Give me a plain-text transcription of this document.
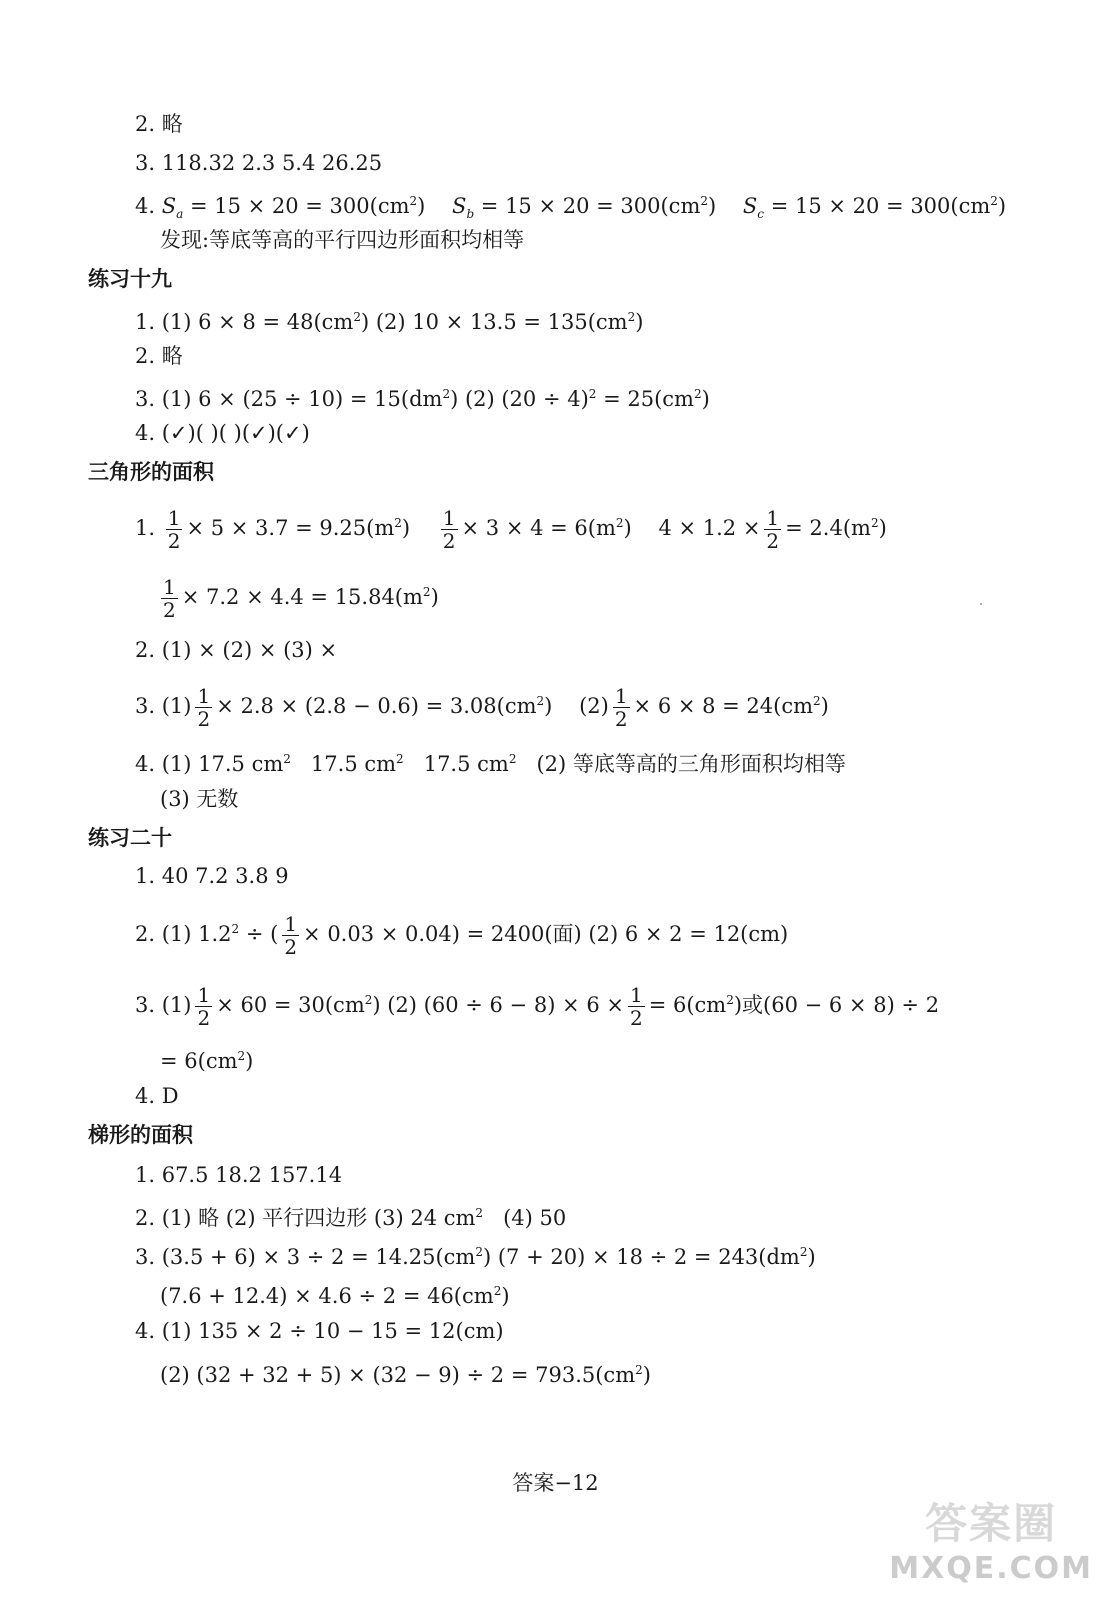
2. 略
3. 118.32 2.3 5.4 26.25
4. $S_a = 15 \times 20 = 300(cm^2) S_b = 15 \times 20 = 300(cm^2) S_c = 15 \times 20 = 300(cm^2)$
发现:等底等高的平行四边形面积均相等
练习十九
1. (1) $6 \times 8 = 48(cm^2)$ (2) $10 \times 13.5 = 135(cm^2)$
2. 略
3. (1) $6 \times (25 \div 10) = 15(dm^2)$ (2) $(20 \div 4)^2 = 25(cm^2)$
4. (✓)( )( )(✓)(✓)
三角形的面积
1. $\frac{1}{2} \times 5 \times 3.7 = 9.25(m^2) \frac{1}{2} \times 3 \times 4 = 6(m^2) 4 \times 1.2 \times \frac{1}{2} = 2.4(m^2)$
$\frac{1}{2} \times 7.2 \times 4.4 = 15.84(m^2)$
2. (1) × (2) × (3) ×
3. $(1) \frac{1}{2} \times 2.8 \times (2.8 - 0.6) = 3.08(cm^2)$ $(2) \frac{1}{2} \times 6 \times 8 = 24(cm^2)$
4. (1) 17.5 $cm^2$ 17.5 $cm^2$ 17.5 $cm^2$ (2) 等底等高的三角形面积均相等
(3) 无数
练习二十
1. 40 7.2 3.8 9
2. (1) $1.2^2$ ÷ ( $\frac{1}{2} \times 0.03 \times 0.04) = 2400$(面) (2) 6 × 2 = 12(cm)
3. $(1) \frac{1}{2} \times 60 = 30(cm^2)$ (2) $(60 \div 6 - 8) \times 6 \times \frac{1}{2} = 6(cm^2)$或(60 − 6 × 8) ÷ 2
= $6(cm^2)$
4. D
梯形的面积
1. 67.5 18.2 157.14
2. (1) 略 (2) 平行四边形 (3) 24 $cm^2$ (4) 50
3. $(3.5 + 6) \times 3 \div 2 = 14.25(cm^2) (7 + 20) \times 18 \div 2 = 243(dm^2)$
$(7.6 + 12.4) \times 4.6 \div 2 = 46(cm^2)$
4. (1) 135 × 2 ÷ 10 − 15 = 12(cm)
(2) $(32 + 32 + 5) \times (32 - 9) \div 2 = 793.5(cm^2)$
答案−12
答案圈
MXQE.COM
